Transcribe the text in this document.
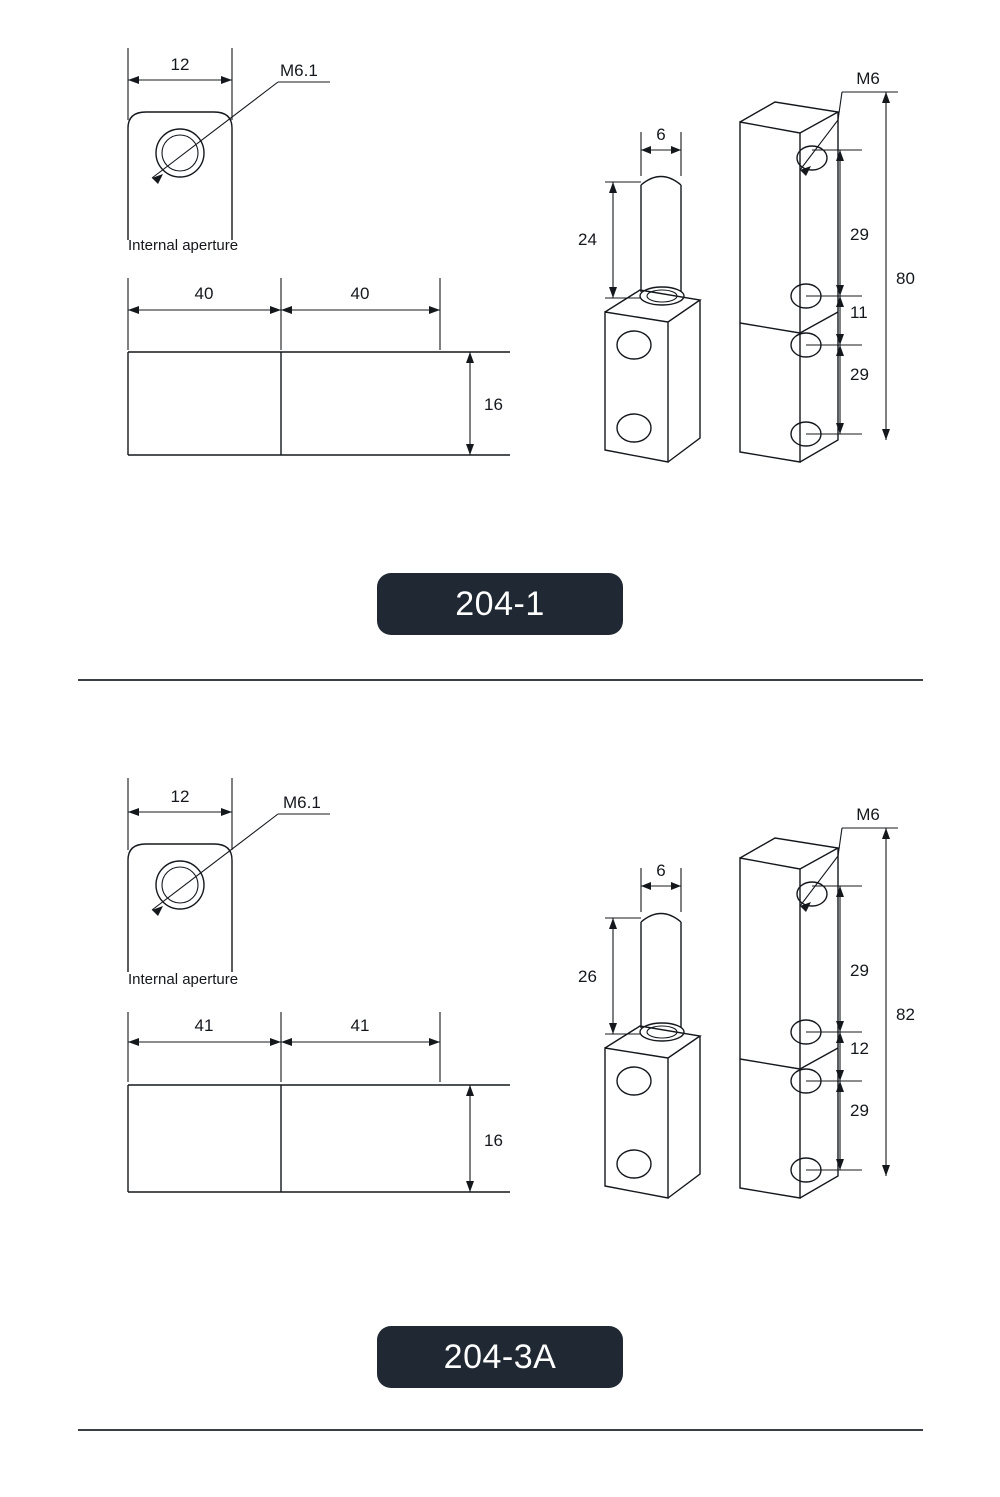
12	M6.1
Internal aperture
40	40
16
6
24
M6
29
11
29
80
204-1
12	M6.1
Internal aperture
41	41
16
6
26
M6
29
12
29
82
204-3A
